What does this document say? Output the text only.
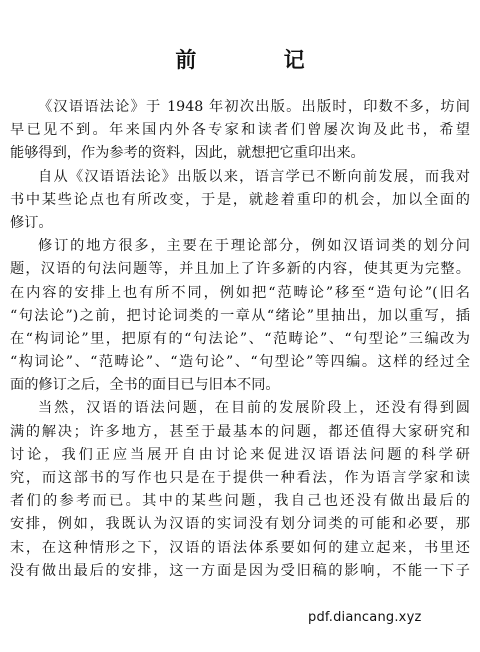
前 记
《汉语语法论》于 1948 年初次出版。出版时，印数不多，坊间
早已见不到。年来国内外各专家和读者们曾屡次询及此书，希望
能够得到，作为参考的资料，因此，就想把它重印出来。
自从《汉语语法论》出版以来，语言学已不断向前发展，而我对
书中某些论点也有所改变，于是，就趁着重印的机会，加以全面的
修订。
修订的地方很多，主要在于理论部分，例如汉语词类的划分问
题，汉语的句法问题等，并且加上了许多新的内容，使其更为完整。
在内容的安排上也有所不同，例如把“范畴论”移至“造句论”(旧名
“句法论”)之前，把讨论词类的一章从“绪论”里抽出，加以重写，插
在“构词论”里，把原有的“句法论”、“范畴论”、“句型论”三编改为
“构词论”、“范畴论”、“造句论”、“句型论”等四编。这样的经过全
面的修订之后，全书的面目已与旧本不同。
当然，汉语的语法问题，在目前的发展阶段上，还没有得到圆
满的解决；许多地方，甚至于最基本的问题，都还值得大家研究和
讨论，我们正应当展开自由讨论来促进汉语语法问题的科学研
究，而这部书的写作也只是在于提供一种看法，作为语言学家和读
者们的参考而已。其中的某些问题，我自己也还没有做出最后的
安排，例如，我既认为汉语的实词没有划分词类的可能和必要，那
末，在这种情形之下，汉语的语法体系要如何的建立起来，书里还
没有做出最后的安排，这一方面是因为受旧稿的影响，不能一下子
pdf.diancang.xyz
